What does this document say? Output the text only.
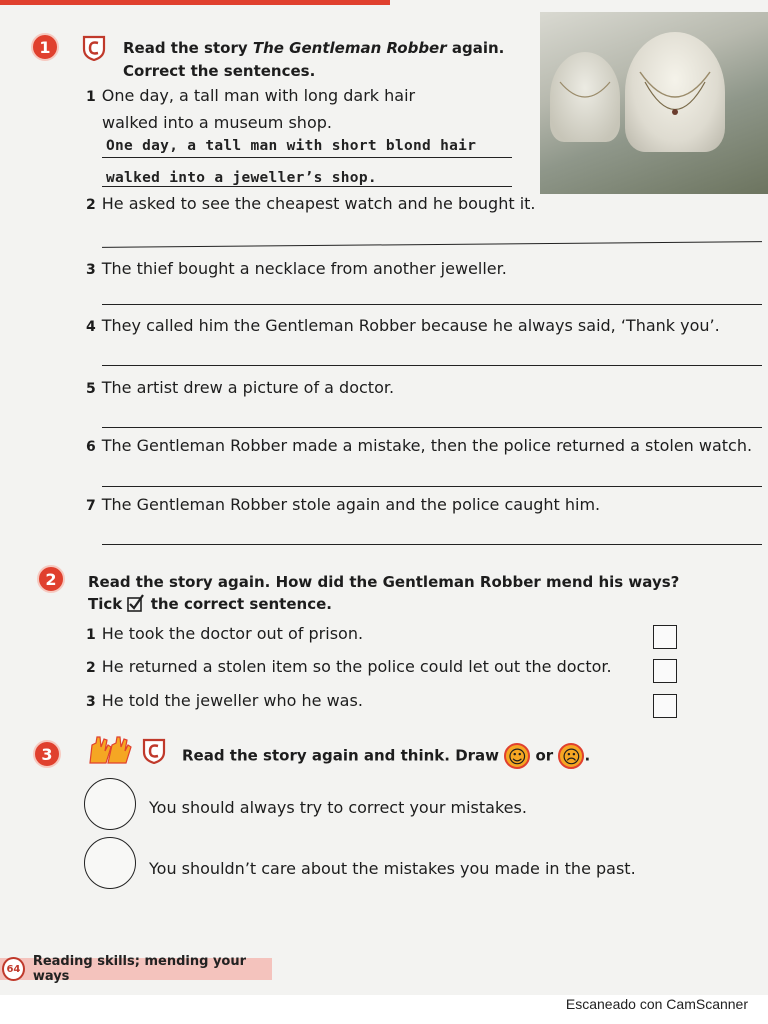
1	Read the story The Gentleman Robber again.
Correct the sentences.
1 One day, a tall man with long dark hair
walked into a museum shop.
One day, a tall man with short blond hair
walked into a jeweller’s shop.
2 He asked to see the cheapest watch and he bought it.
3 The thief bought a necklace from another jeweller.
4 They called him the Gentleman Robber because he always said, ‘Thank you’.
5 The artist drew a picture of a doctor.
6 The Gentleman Robber made a mistake, then the police returned a stolen watch.
7 The Gentleman Robber stole again and the police caught him.
2 Read the story again. How did the Gentleman Robber mend his ways?
Tick  the correct sentence.
1 He took the doctor out of prison.
2 He returned a stolen item so the police could let out the doctor.
3 He told the jeweller who he was.
3	Read the story again and think. Draw ☺ or ☹ .
You should always try to correct your mistakes.
You shouldn’t care about the mistakes you made in the past.
64 Reading skills; mending your ways
Escaneado con CamScanner
